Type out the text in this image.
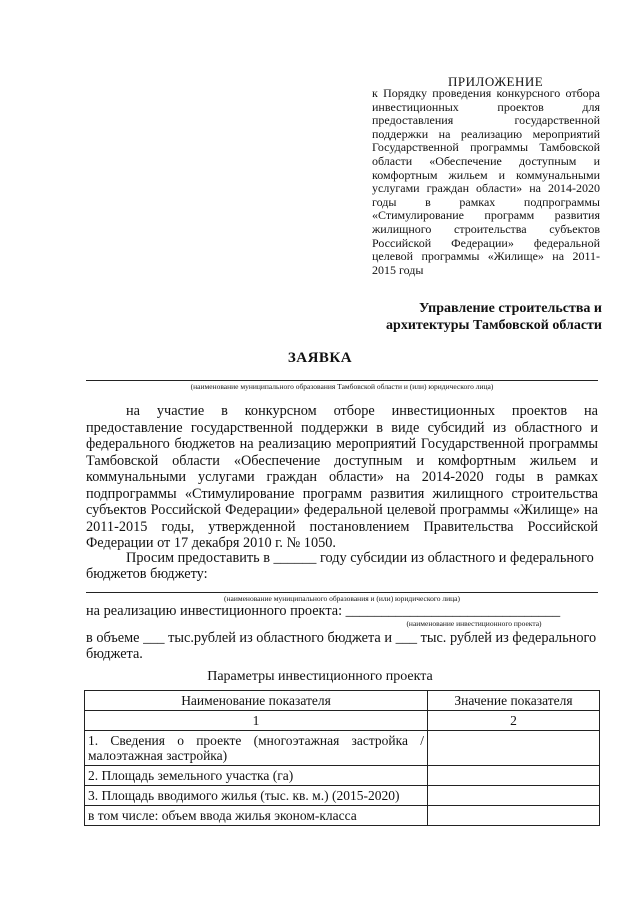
ПРИЛОЖЕНИЕ
к Порядку проведения конкурсного отбора инвестиционных проектов для предоставления государственной поддержки на реализацию мероприятий Государственной программы Тамбовской области «Обеспечение доступным и комфортным жильем и коммунальными услугами граждан области» на 2014-2020 годы в рамках подпрограммы «Стимулирование программ развития жилищного строительства субъектов Российской Федерации» федеральной целевой программы «Жилище» на 2011-2015 годы
Управление строительства и
архитектуры Тамбовской области
ЗАЯВКА
(наименование муниципального образования Тамбовской области и (или) юридического лица)
на участие в конкурсном отборе инвестиционных проектов на предоставление государственной поддержки в виде субсидий из областного и федерального бюджетов на реализацию мероприятий Государственной программы Тамбовской области «Обеспечение доступным и комфортным жильем и коммунальными услугами граждан области» на 2014-2020 годы в рамках подпрограммы «Стимулирование программ развития жилищного строительства субъектов Российской Федерации» федеральной целевой программы «Жилище» на 2011-2015 годы, утвержденной постановлением Правительства Российской Федерации от 17 декабря 2010 г. № 1050.
Просим предоставить в ______ году субсидии из областного и федерального
бюджетов бюджету:
(наименование муниципального образования и (или) юридического лица)
на реализацию инвестиционного проекта: ______________________________
(наименование инвестиционного проекта)
в объеме ___ тыс.рублей из областного бюджета и ___ тыс. рублей из федерального
бюджета.
Параметры инвестиционного проекта
Наименование показателя	Значение показателя
1	2
1. Сведения о проекте (многоэтажная застройка / малоэтажная застройка)	
2. Площадь земельного участка (га)	
3. Площадь вводимого жилья (тыс. кв. м.) (2015-2020)	
в том числе: объем ввода жилья эконом-класса	
